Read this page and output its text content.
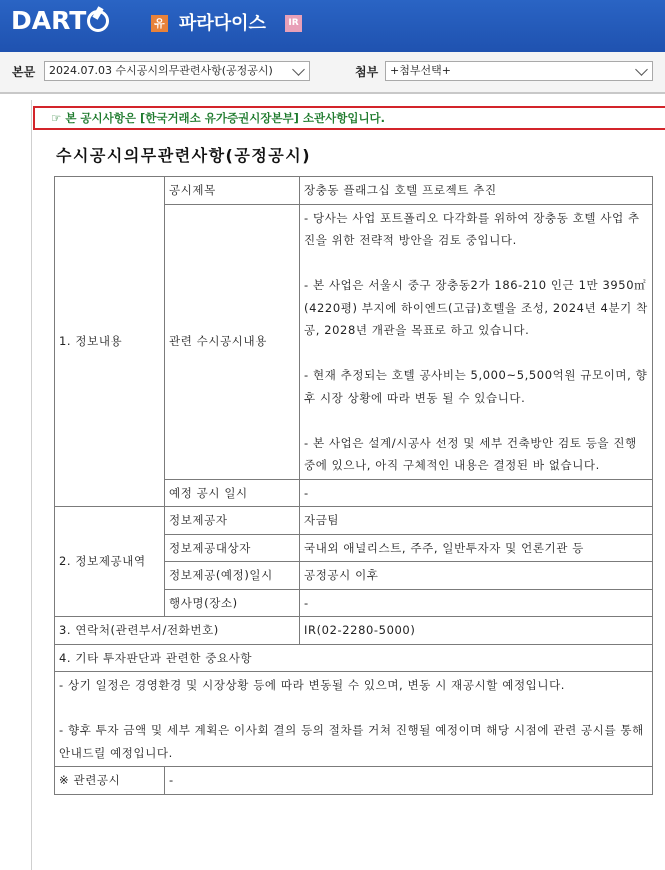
DART	유 파라다이스	IR
본문	2024.07.03 수시공시의무관련사항(공정공시)	첨부	+첨부선택+
☞ 본 공시사항은 [한국거래소 유가증권시장본부] 소관사항입니다.
수시공시의무관련사항(공정공시)
1. 정보내용	공시제목	장충동 플래그십 호텔 프로젝트 추진
	관련 수시공시내용	- 당사는 사업 포트폴리오 다각화를 위하여 장충동 호텔 사업 추진을 위한 전략적 방안을 검토 중입니다.
- 본 사업은 서울시 중구 장충동2가 186-210 인근 1만 3950㎡(4220평) 부지에 하이엔드(고급)호텔을 조성, 2024년 4분기 착공, 2028년 개관을 목표로 하고 있습니다.
- 현재 추정되는 호텔 공사비는 5,000~5,500억원 규모이며, 향후 시장 상황에 따라 변동 될 수 있습니다.
- 본 사업은 설계/시공사 선정 및 세부 건축방안 검토 등을 진행 중에 있으나, 아직 구체적인 내용은 결정된 바 없습니다.

	예정 공시 일시	-
2. 정보제공내역	정보제공자	자금팀
	정보제공대상자	국내외 애널리스트, 주주, 일반투자자 및 언론기관 등
	정보제공(예정)일시	공정공시 이후
	행사명(장소)	-
3. 연락처(관련부서/전화번호)		IR(02-2280-5000)
4. 기타 투자판단과 관련한 중요사항		

- 상기 일정은 경영환경 및 시장상황 등에 따라 변동될 수 있으며, 변동 시 재공시할 예정입니다.
- 향후 투자 금액 및 세부 계획은 이사회 결의 등의 절차를 거쳐 진행될 예정이며 해당 시점에 관련 공시를 통해 안내드릴 예정입니다.		

※ 관련공시	-	
